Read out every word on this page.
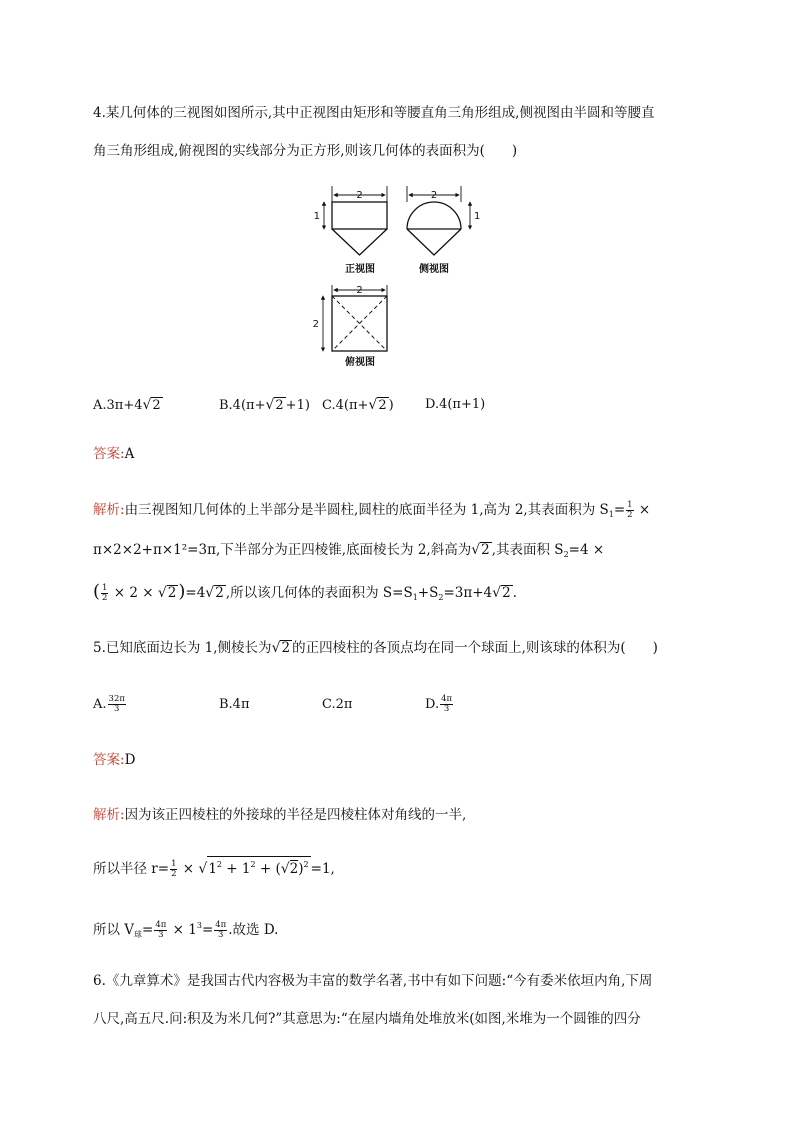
4.某几何体的三视图如图所示,其中正视图由矩形和等腰直角三角形组成,侧视图由半圆和等腰直
角三角形组成,俯视图的实线部分为正方形,则该几何体的表面积为(　　)
2
1
正视图
2
1
侧视图
2
2
俯视图
A.3π+4√2	B.4(π+√2 +1) C.4(π+√2 ) D.4(π+1)
答案:A
解析:由三视图知几何体的上半部分是半圆柱,圆柱的底面半径为 1,高为 2,其表面积为 $S_1= \frac{1}{2}$ ×
π×2×2+π×1²=3π,下半部分为正四棱锥,底面棱长为 2,斜高为√2 ,其表面积 $S_2=4$ ×
( $\frac{1}{2} \times 2 \times √2$ )=4√2 ,所以该几何体的表面积为 $S=S_1+S_2=3\pi+4√2$ .
5.已知底面边长为 1,侧棱长为√2 的正四棱柱的各顶点均在同一个球面上,则该球的体积为(　　)
A. $\frac{32\pi}{3}$	B.4π	C.2π	D. $\frac{4\pi}{3}$
答案:D
解析:因为该正四棱柱的外接球的半径是四棱柱体对角线的一半,
所以半径 $r= \frac{1}{2} \times √1^2 + 1^2 + (√2)^2 =1$,
所以 $V_球= \frac{4\pi}{3} \times 1^3= \frac{4\pi}{3}$ .故选 D.
6.《九章算术》是我国古代内容极为丰富的数学名著,书中有如下问题:“今有委米依垣内角,下周
八尺,高五尺.问:积及为米几何?”其意思为:“在屋内墙角处堆放米(如图,米堆为一个圆锥的四分
